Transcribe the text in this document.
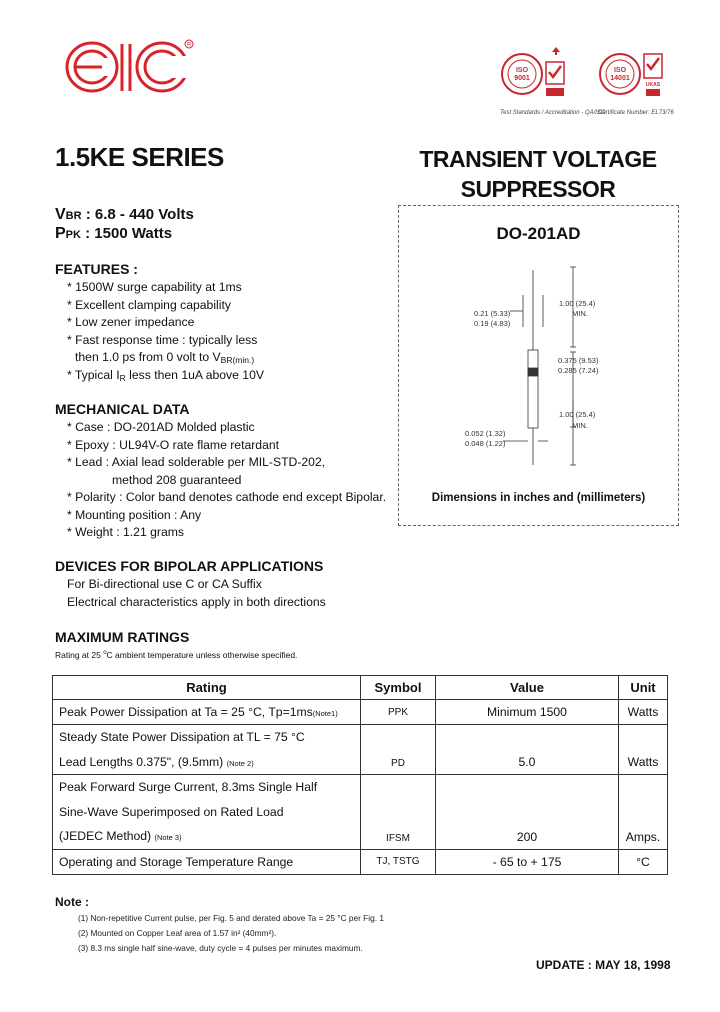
R
ISO
9001
Test Standards / Accreditation - QA/ISO
ISO
14001
UKAS
Certificate Number: EL73/76
1.5KE SERIES	TRANSIENT VOLTAGE
SUPPRESSOR
VBR : 6.8 - 440 Volts
PPK : 1500 Watts
FEATURES :
* 1500W surge capability at 1ms
* Excellent clamping capability
* Low zener impedance
* Fast response time : typically less
then 1.0 ps from 0 volt to $V_{BR(min.)}$
* Typical $I_R$ less then 1uA above 10V
MECHANICAL DATA
* Case : DO-201AD Molded plastic
* Epoxy : UL94V-O rate flame retardant
* Lead : Axial lead solderable per MIL-STD-202,
method 208 guaranteed
* Polarity : Color band denotes cathode end except Bipolar.
* Mounting position : Any
* Weight : 1.21 grams
DEVICES FOR BIPOLAR APPLICATIONS
For Bi-directional use C or CA Suffix
Electrical characteristics apply in both directions
DO-201AD
1.00 (25.4)
MIN.
0.21 (5.33)
0.19 (4.83)
0.375 (9.53)
0.285 (7.24)
1.00 (25.4)
MIN.
0.052 (1.32)
0.048 (1.22)
Dimensions in inches and (millimeters)
MAXIMUM RATINGS
Rating at 25 $^o$C ambient temperature unless otherwise specified.
Rating	Symbol	Value	Unit
Peak Power Dissipation at Ta = 25 °C, Tp=1ms(Note1)	PPK	Minimum 1500	Watts

Steady State Power Dissipation at TL = 75 °C
Lead Lengths 0.375", (9.5mm) (Note 2)	PD	5.0	Watts

Peak Forward Surge Current, 8.3ms Single Half
Sine-Wave Superimposed on Rated Load
(JEDEC Method) (Note 3)	IFSM	200	Amps.
Operating and Storage Temperature Range	TJ, TSTG	- 65 to + 175	°C
Note :
(1) Non-repetitive Current pulse, per Fig. 5 and derated above Ta = 25 °C per Fig. 1
(2) Mounted on Copper Leaf area of 1.57 in² (40mm²).
(3) 8.3 ms single half sine-wave, duty cycle = 4 pulses per minutes maximum.
UPDATE : MAY 18, 1998
